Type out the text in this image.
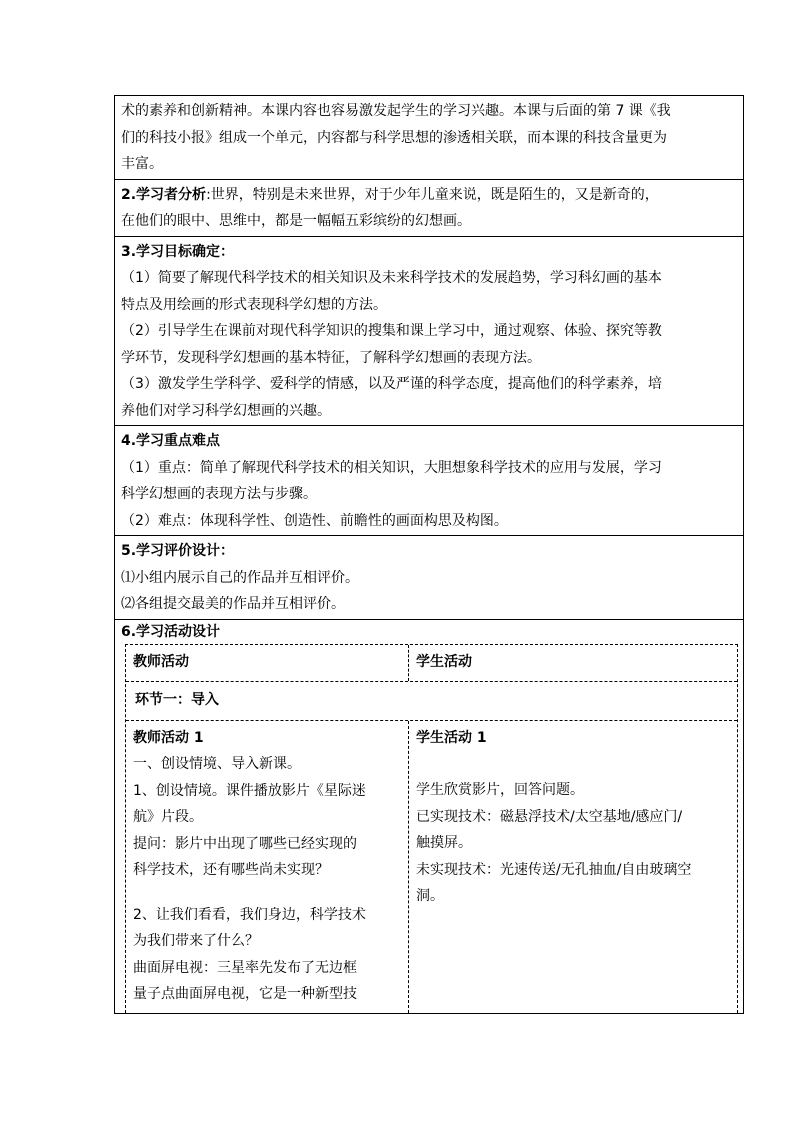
术的素养和创新精神。本课内容也容易激发起学生的学习兴趣。本课与后面的第 7 课《我

们的科技小报》组成一个单元，内容都与科学思想的渗透相关联，而本课的科技含量更为

丰富。

2.学习者分析:世界，特别是未来世界，对于少年儿童来说，既是陌生的，又是新奇的，

在他们的眼中、思维中，都是一幅幅五彩缤纷的幻想画。

3.学习目标确定：

（1）简要了解现代科学技术的相关知识及未来科学技术的发展趋势，学习科幻画的基本

特点及用绘画的形式表现科学幻想的方法。

（2）引导学生在课前对现代科学知识的搜集和课上学习中，通过观察、体验、探究等教

学环节，发现科学幻想画的基本特征，了解科学幻想画的表现方法。

（3）激发学生学科学、爱科学的情感，以及严谨的科学态度，提高他们的科学素养，培

养他们对学习科学幻想画的兴趣。

4.学习重点难点

（1）重点：简单了解现代科学技术的相关知识，大胆想象科学技术的应用与发展，学习

科学幻想画的表现方法与步骤。

（2）难点：体现科学性、创造性、前瞻性的画面构思及构图。

5.学习评价设计：

⑴小组内展示自己的作品并互相评价。

⑵各组提交最美的作品并互相评价。

6.学习活动设计

教师活动	学生活动

环节一：导入

教师活动 1

一、创设情境、导入新课。

1、创设情境。课件播放影片《星际迷

航》片段。

提问：影片中出现了哪些已经实现的

科学技术，还有哪些尚未实现？

2、让我们看看，我们身边，科学技术

为我们带来了什么？

曲面屏电视：三星率先发布了无边框

量子点曲面屏电视，它是一种新型技

学生活动 1

学生欣赏影片，回答问题。

已实现技术：磁悬浮技术/太空基地/感应门/

触摸屏。

未实现技术：光速传送/无孔抽血/自由玻璃空

洞。
